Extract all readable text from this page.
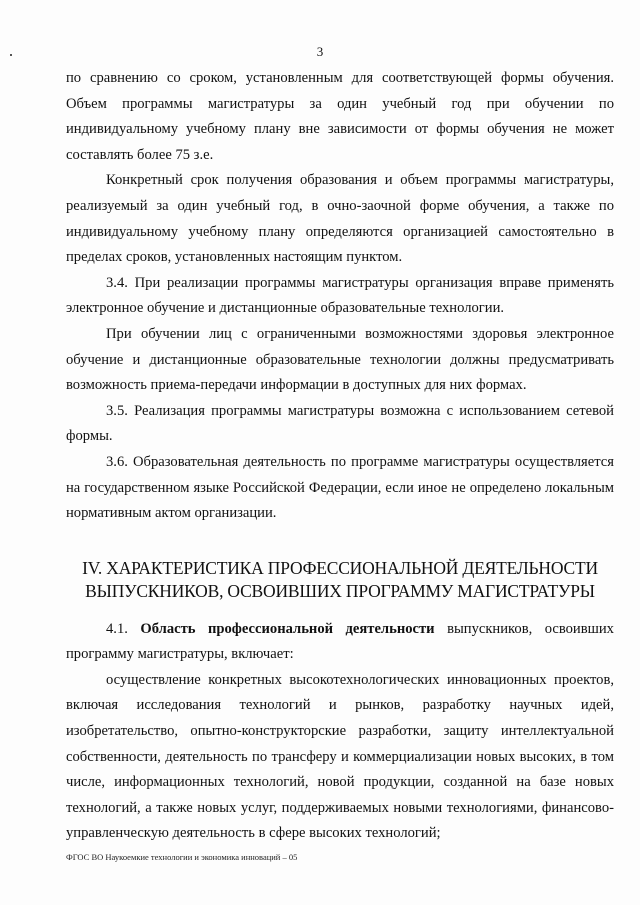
3

по сравнению со сроком, установленным для соответствующей формы обучения. Объем программы магистратуры за один учебный год при обучении по индивидуальному учебному плану вне зависимости от формы обучения не может составлять более 75 з.е.

Конкретный срок получения образования и объем программы магистратуры, реализуемый за один учебный год, в очно-заочной форме обучения, а также по индивидуальному учебному плану определяются организацией самостоятельно в пределах сроков, установленных настоящим пунктом.

3.4. При реализации программы магистратуры организация вправе применять электронное обучение и дистанционные образовательные технологии.

При обучении лиц с ограниченными возможностями здоровья электронное обучение и дистанционные образовательные технологии должны предусматривать возможность приема-передачи информации в доступных для них формах.

3.5. Реализация программы магистратуры возможна с использованием сетевой формы.

3.6. Образовательная деятельность по программе магистратуры осуществляется на государственном языке Российской Федерации, если иное не определено локальным нормативным актом организации.

IV. ХАРАКТЕРИСТИКА ПРОФЕССИОНАЛЬНОЙ ДЕЯТЕЛЬНОСТИ
ВЫПУСКНИКОВ, ОСВОИВШИХ ПРОГРАММУ МАГИСТРАТУРЫ

4.1. Область профессиональной деятельности выпускников, освоивших программу магистратуры, включает:

осуществление конкретных высокотехнологических инновационных проектов, включая исследования технологий и рынков, разработку научных идей, изобретательство, опытно-конструкторские разработки, защиту интеллектуальной собственности, деятельность по трансферу и коммерциализации новых высоких, в том числе, информационных технологий, новой продукции, созданной на базе новых технологий, а также новых услуг, поддерживаемых новыми технологиями, финансово-управленческую деятельность в сфере высоких технологий;

ФГОС ВО Наукоемкие технологии и экономика инноваций – 05
